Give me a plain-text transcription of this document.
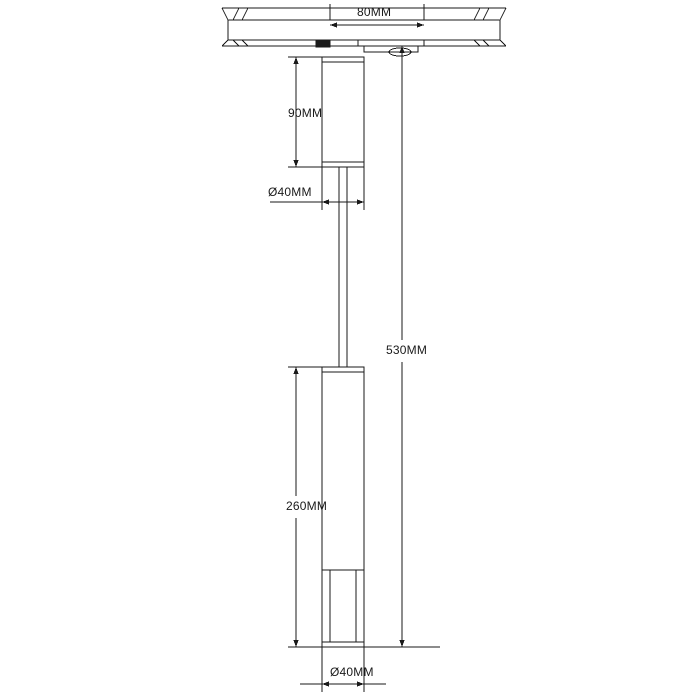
80MM
90MM
Ø40MM
530MM
260MM
Ø40MM
